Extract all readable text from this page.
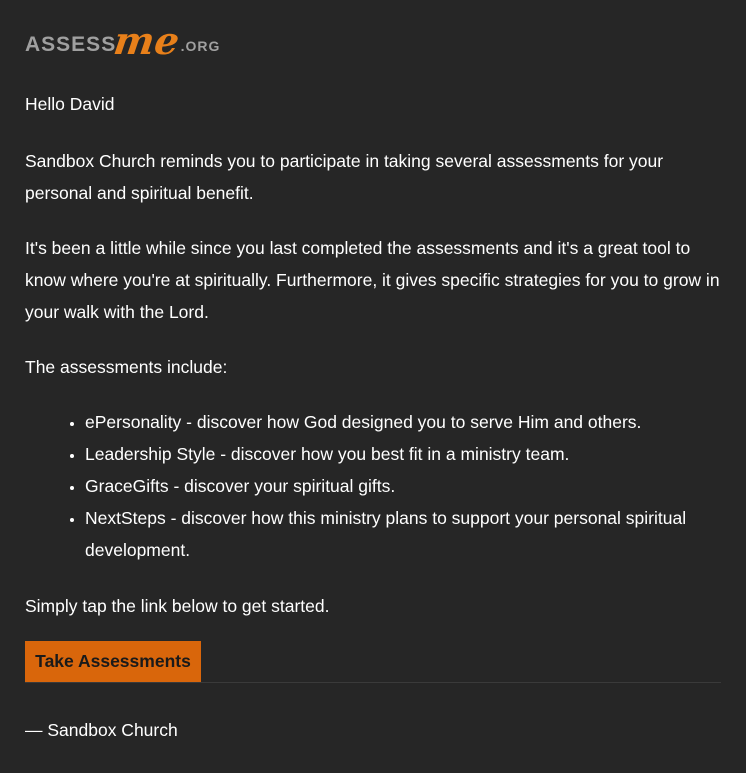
ASSESS
me
.ORG

Hello David

Sandbox Church reminds you to participate in taking several assessments for your personal and spiritual benefit.

It's been a little while since you last completed the assessments and it's a great tool to know where you're at spiritually. Furthermore, it gives specific strategies for you to grow in your walk with the Lord.

The assessments include:

• ePersonality - discover how God designed you to serve Him and others.
• Leadership Style - discover how you best fit in a ministry team.
• GraceGifts - discover your spiritual gifts.
• NextSteps - discover how this ministry plans to support your personal spiritual development.

Simply tap the link below to get started.

Take Assessments

— Sandbox Church
